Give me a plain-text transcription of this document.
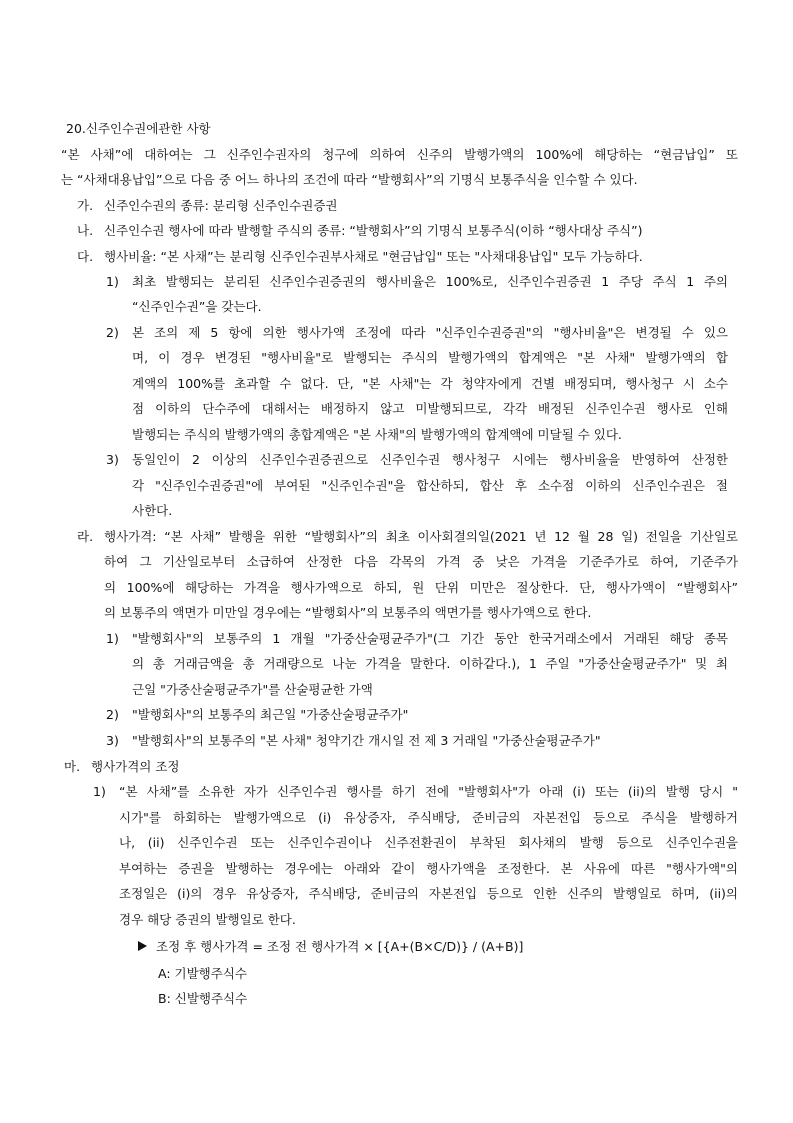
20.신주인수권에관한 사항
“본 사채”에 대하여는 그 신주인수권자의 청구에 의하여 신주의 발행가액의 100%에 해당하는 “현금납입” 또
는 “사채대용납입”으로 다음 중 어느 하나의 조건에 따라 “발행회사”의 기명식 보통주식을 인수할 수 있다.
가. 신주인수권의 종류: 분리형 신주인수권증권
나. 신주인수권 행사에 따라 발행할 주식의 종류: “발행회사”의 기명식 보통주식(이하 “행사대상 주식”)
다. 행사비율: “본 사채”는 분리형 신주인수권부사채로 "현금납입" 또는 "사채대용납입" 모두 가능하다.
1) 최초 발행되는 분리된 신주인수권증권의 행사비율은 100%로, 신주인수권증권 1 주당 주식 1 주의
“신주인수권”을 갖는다.
2) 본 조의 제 5 항에 의한 행사가액 조정에 따라 "신주인수권증권"의 "행사비율"은 변경될 수 있으
며, 이 경우 변경된 "행사비율"로 발행되는 주식의 발행가액의 합계액은 "본 사채" 발행가액의 합
계액의 100%를 초과할 수 없다. 단, "본 사채"는 각 청약자에게 건별 배정되며, 행사청구 시 소수
점 이하의 단수주에 대해서는 배정하지 않고 미발행되므로, 각각 배정된 신주인수권 행사로 인해
발행되는 주식의 발행가액의 총합계액은 "본 사채"의 발행가액의 합계액에 미달될 수 있다.
3) 동일인이 2 이상의 신주인수권증권으로 신주인수권 행사청구 시에는 행사비율을 반영하여 산정한
각 "신주인수권증권"에 부여된 "신주인수권"을 합산하되, 합산 후 소수점 이하의 신주인수권은 절
사한다.
라. 행사가격: “본 사채” 발행을 위한 “발행회사”의 최초 이사회결의일(2021 년 12 월 28 일) 전일을 기산일로
하여 그 기산일로부터 소급하여 산정한 다음 각목의 가격 중 낮은 가격을 기준주가로 하여, 기준주가
의 100%에 해당하는 가격을 행사가액으로 하되, 원 단위 미만은 절상한다. 단, 행사가액이 “발행회사”
의 보통주의 액면가 미만일 경우에는 “발행회사”의 보통주의 액면가를 행사가액으로 한다.
1) "발행회사"의 보통주의 1 개월 "가중산술평균주가"(그 기간 동안 한국거래소에서 거래된 해당 종목
의 총 거래금액을 총 거래량으로 나눈 가격을 말한다. 이하같다.), 1 주일 "가중산술평균주가" 및 최
근일 "가중산술평균주가"를 산술평균한 가액
2) "발행회사"의 보통주의 최근일 "가중산술평균주가"
3) "발행회사"의 보통주의 "본 사채" 청약기간 개시일 전 제 3 거래일 "가중산술평균주가"
마. 행사가격의 조정
1) “본 사채”를 소유한 자가 신주인수권 행사를 하기 전에 "발행회사"가 아래 (i) 또는 (ii)의 발행 당시 "
시가"를 하회하는 발행가액으로 (i) 유상증자, 주식배당, 준비금의 자본전입 등으로 주식을 발행하거
나, (ii) 신주인수권 또는 신주인수권이나 신주전환권이 부착된 회사채의 발행 등으로 신주인수권을
부여하는 증권을 발행하는 경우에는 아래와 같이 행사가액을 조정한다. 본 사유에 따른 "행사가액"의
조정일은 (i)의 경우 유상증자, 주식배당, 준비금의 자본전입 등으로 인한 신주의 발행일로 하며, (ii)의
경우 해당 증권의 발행일로 한다.
조정 후 행사가격 = 조정 전 행사가격 × [{A+(B×C/D)} / (A+B)]
A: 기발행주식수
B: 신발행주식수
